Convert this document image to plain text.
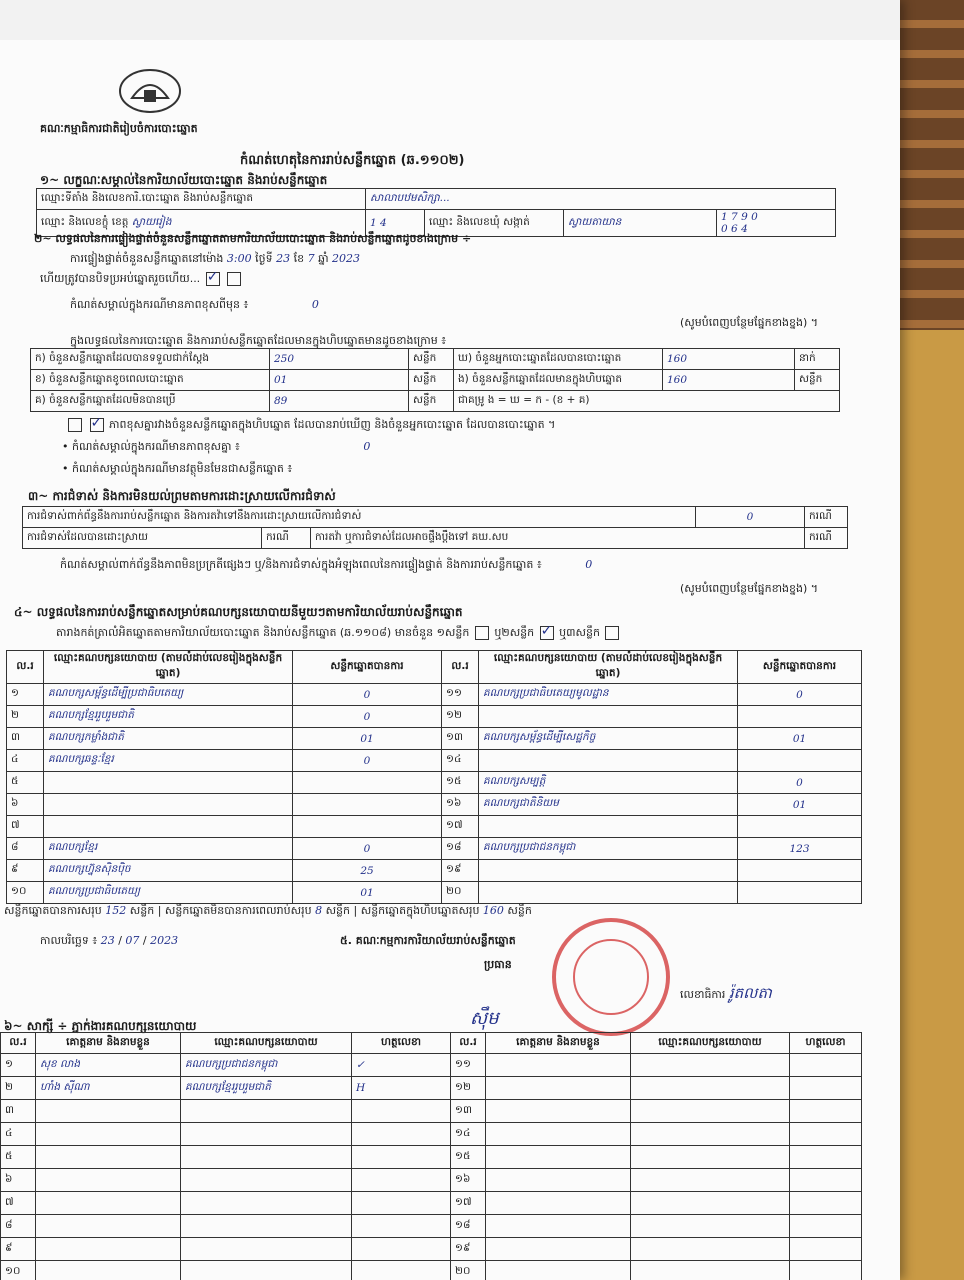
គណៈកម្មាធិការជាតិរៀបចំការបោះឆ្នោត
កំណត់ហេតុនៃការរាប់សន្លឹកឆ្នោត (ឆ.១១០២)
១~ លក្ខណៈសម្គាល់នៃការិយាល័យបោះឆ្នោត និងរាប់សន្លឹកឆ្នោត
ឈ្មោះទីតាំង និងលេខការិ.បោះឆ្នោត និងរាប់សន្លឹកឆ្នោត	សាលាបឋមសិក្សា...			
ឈ្មោះ និងលេខក្ខុំ ខេត្ត ស្វាយរៀង	1 4	ឈ្មោះ និងលេខឃុំ សង្កាត់	ស្វាយតាយាន	1 7 9 0
0 6 4
២~ លទ្ធផលនៃការផ្ទៀងផ្ទាត់ចំនួនសន្លឹកឆ្នោតតាមការិយាល័យបោះឆ្នោត និងរាប់សន្លឹកឆ្នោតដូចខាងក្រោម ÷
ការផ្ទៀងផ្ទាត់ចំនួនសន្លឹកឆ្នោតនៅម៉ោង 3:00 ថ្ងៃទី 23 ខែ 7 ឆ្នាំ 2023
ហើយត្រូវបានបិទប្រអប់ឆ្នោតរួចហើយ... ✓
កំណត់សម្គាល់ក្នុងករណីមានភាពខុសពីមុន ៖	0
(សូមបំពេញបន្ថែមផ្នែកខាងខ្នង) ។
ក្នុងលទ្ធផលនៃការបោះឆ្នោត និងការរាប់សន្លឹកឆ្នោតដែលមានក្នុងហិបឆ្នោតមានដូចខាងក្រោម ៖
ក) ចំនួនសន្លឹកឆ្នោតដែលបានទទួលជាក់ស្តែង	250	សន្លឹក	ឃ) ចំនួនអ្នកបោះឆ្នោតដែលបានបោះឆ្នោត	160	នាក់
ខ) ចំនួនសន្លឹកឆ្នោតខូចពេលបោះឆ្នោត	01	សន្លឹក	ង) ចំនួនសន្លឹកឆ្នោតដែលមានក្នុងហិបឆ្នោត	160	សន្លឹក
គ) ចំនួនសន្លឹកឆ្នោតដែលមិនបានប្រើ	89	សន្លឹក	ជាគម្រូ ង = ឃ = ក - (ខ + គ)		
✓ ភាពខុសគ្នារវាងចំនួនសន្លឹកឆ្នោតក្នុងហិបឆ្នោត ដែលបានរាប់ឃើញ និងចំនួនអ្នកបោះឆ្នោត ដែលបានបោះឆ្នោត ។
• កំណត់សម្គាល់ក្នុងករណីមានភាពខុសគ្នា ៖	0
• កំណត់សម្គាល់ក្នុងករណីមានវត្ថុមិនមែនជាសន្លឹកឆ្នោត ៖
៣~ ការជំទាស់ និងការមិនយល់ព្រមតាមការដោះស្រាយលើការជំទាស់
ការជំទាស់ពាក់ព័ន្ធនឹងការរាប់សន្លឹកឆ្នោត និងការតវ៉ាទៅនឹងការដោះស្រាយលើការជំទាស់			0	ករណី
ការជំទាស់ដែលបានដោះស្រាយ	ករណី	ការតវ៉ា ឬការជំទាស់ដែលអាចផ្ទឹងប្តឹងទៅ គឃ.សប		ករណី
កំណត់សម្គាល់ពាក់ព័ន្ធនឹងភាពមិនប្រក្រតីផ្សេងៗ ឬ/និងការជំទាស់ក្នុងអំឡុងពេលនៃការផ្ទៀងផ្ទាត់ និងការរាប់សន្លឹកឆ្នោត ៖	0
(សូមបំពេញបន្ថែមផ្នែកខាងខ្នង) ។
៤~ លទ្ធផលនៃការរាប់សន្លឹកឆ្នោតសម្រាប់គណបក្សនយោបាយនីមួយៗតាមការិយាល័យរាប់សន្លឹកឆ្នោត
តារាងកត់ត្រាលំអិតឆ្នោតតាមការិយាល័យបោះឆ្នោត និងរាប់សន្លឹកឆ្នោត (ឆ.១១០៨) មានចំនួន ១សន្លឹក ឬ២សន្លឹក ✓ ឬ៣សន្លឹក
ល.រ	ឈ្មោះគណបក្សនយោបាយ (តាមលំដាប់លេខរៀងក្នុងសន្លឹកឆ្នោត)	សន្លឹកឆ្នោតបានការ	ល.រ	ឈ្មោះគណបក្សនយោបាយ (តាមលំដាប់លេខរៀងក្នុងសន្លឹកឆ្នោត)	សន្លឹកឆ្នោតបានការ
១	គណបក្សសម្ព័ន្ធដើម្បីប្រជាធិបតេយ្យ	0	១១	គណបក្សប្រជាធិបតេយ្យមូលដ្ឋាន	0
២	គណបក្សខ្មែររួបរួមជាតិ	0	១២		
៣	គណបក្សកម្លាំងជាតិ	01	១៣	គណបក្សសម្ព័ន្ធដើម្បីសេដ្ឋកិច្ច	01
៤	គណបក្សឆន្ទៈខ្មែរ	0	១៤		
៥			១៥	គណបក្សសម្បត្តិ	0
៦			១៦	គណបក្សជាតិនិយម	01
៧			១៧		
៨	គណបក្សខ្មែរ	0	១៨	គណបក្សប្រជាជនកម្ពុជា	123
៩	គណបក្សហ្វ៊ុនស៊ិនប៉ិច	25	១៩		
១០	គណបក្សប្រជាធិបតេយ្យ	01	២០		
សន្លឹកឆ្នោតបានការសរុប 152 សន្លឹក | សន្លឹកឆ្នោតមិនបានការពេលរាប់សរុប 8 សន្លឹក | សន្លឹកឆ្នោតក្នុងហិបឆ្នោតសរុប 160 សន្លឹក
កាលបរិច្ឆេទ ៖ 23 / 07 / 2023	៥. គណៈកម្មការការិយាល័យរាប់សន្លឹកឆ្នោត
ប្រធាន
ស៊ឹម
លេខាធិការ រ៉ូតលតា
៦~ សាក្សី ÷ ភ្នាក់ងារគណបក្សនយោបាយ
ល.រ	គោត្តនាម និងនាមខ្លួន	ឈ្មោះគណបក្សនយោបាយ	ហត្ថលេខា	ល.រ	គោត្តនាម និងនាមខ្លួន	ឈ្មោះគណបក្សនយោបាយ	ហត្ថលេខា
១	សុខ លាង	គណបក្សប្រជាជនកម្ពុជា	✓	១១			
២	ហាំង ស៊ីណា	គណបក្សខ្មែររួបរួមជាតិ	H	១២			
៣				១៣			
៤				១៤			
៥				១៥			
៦				១៦			
៧				១៧			
៨				១៨			
៩				១៩			
១០				២០			
